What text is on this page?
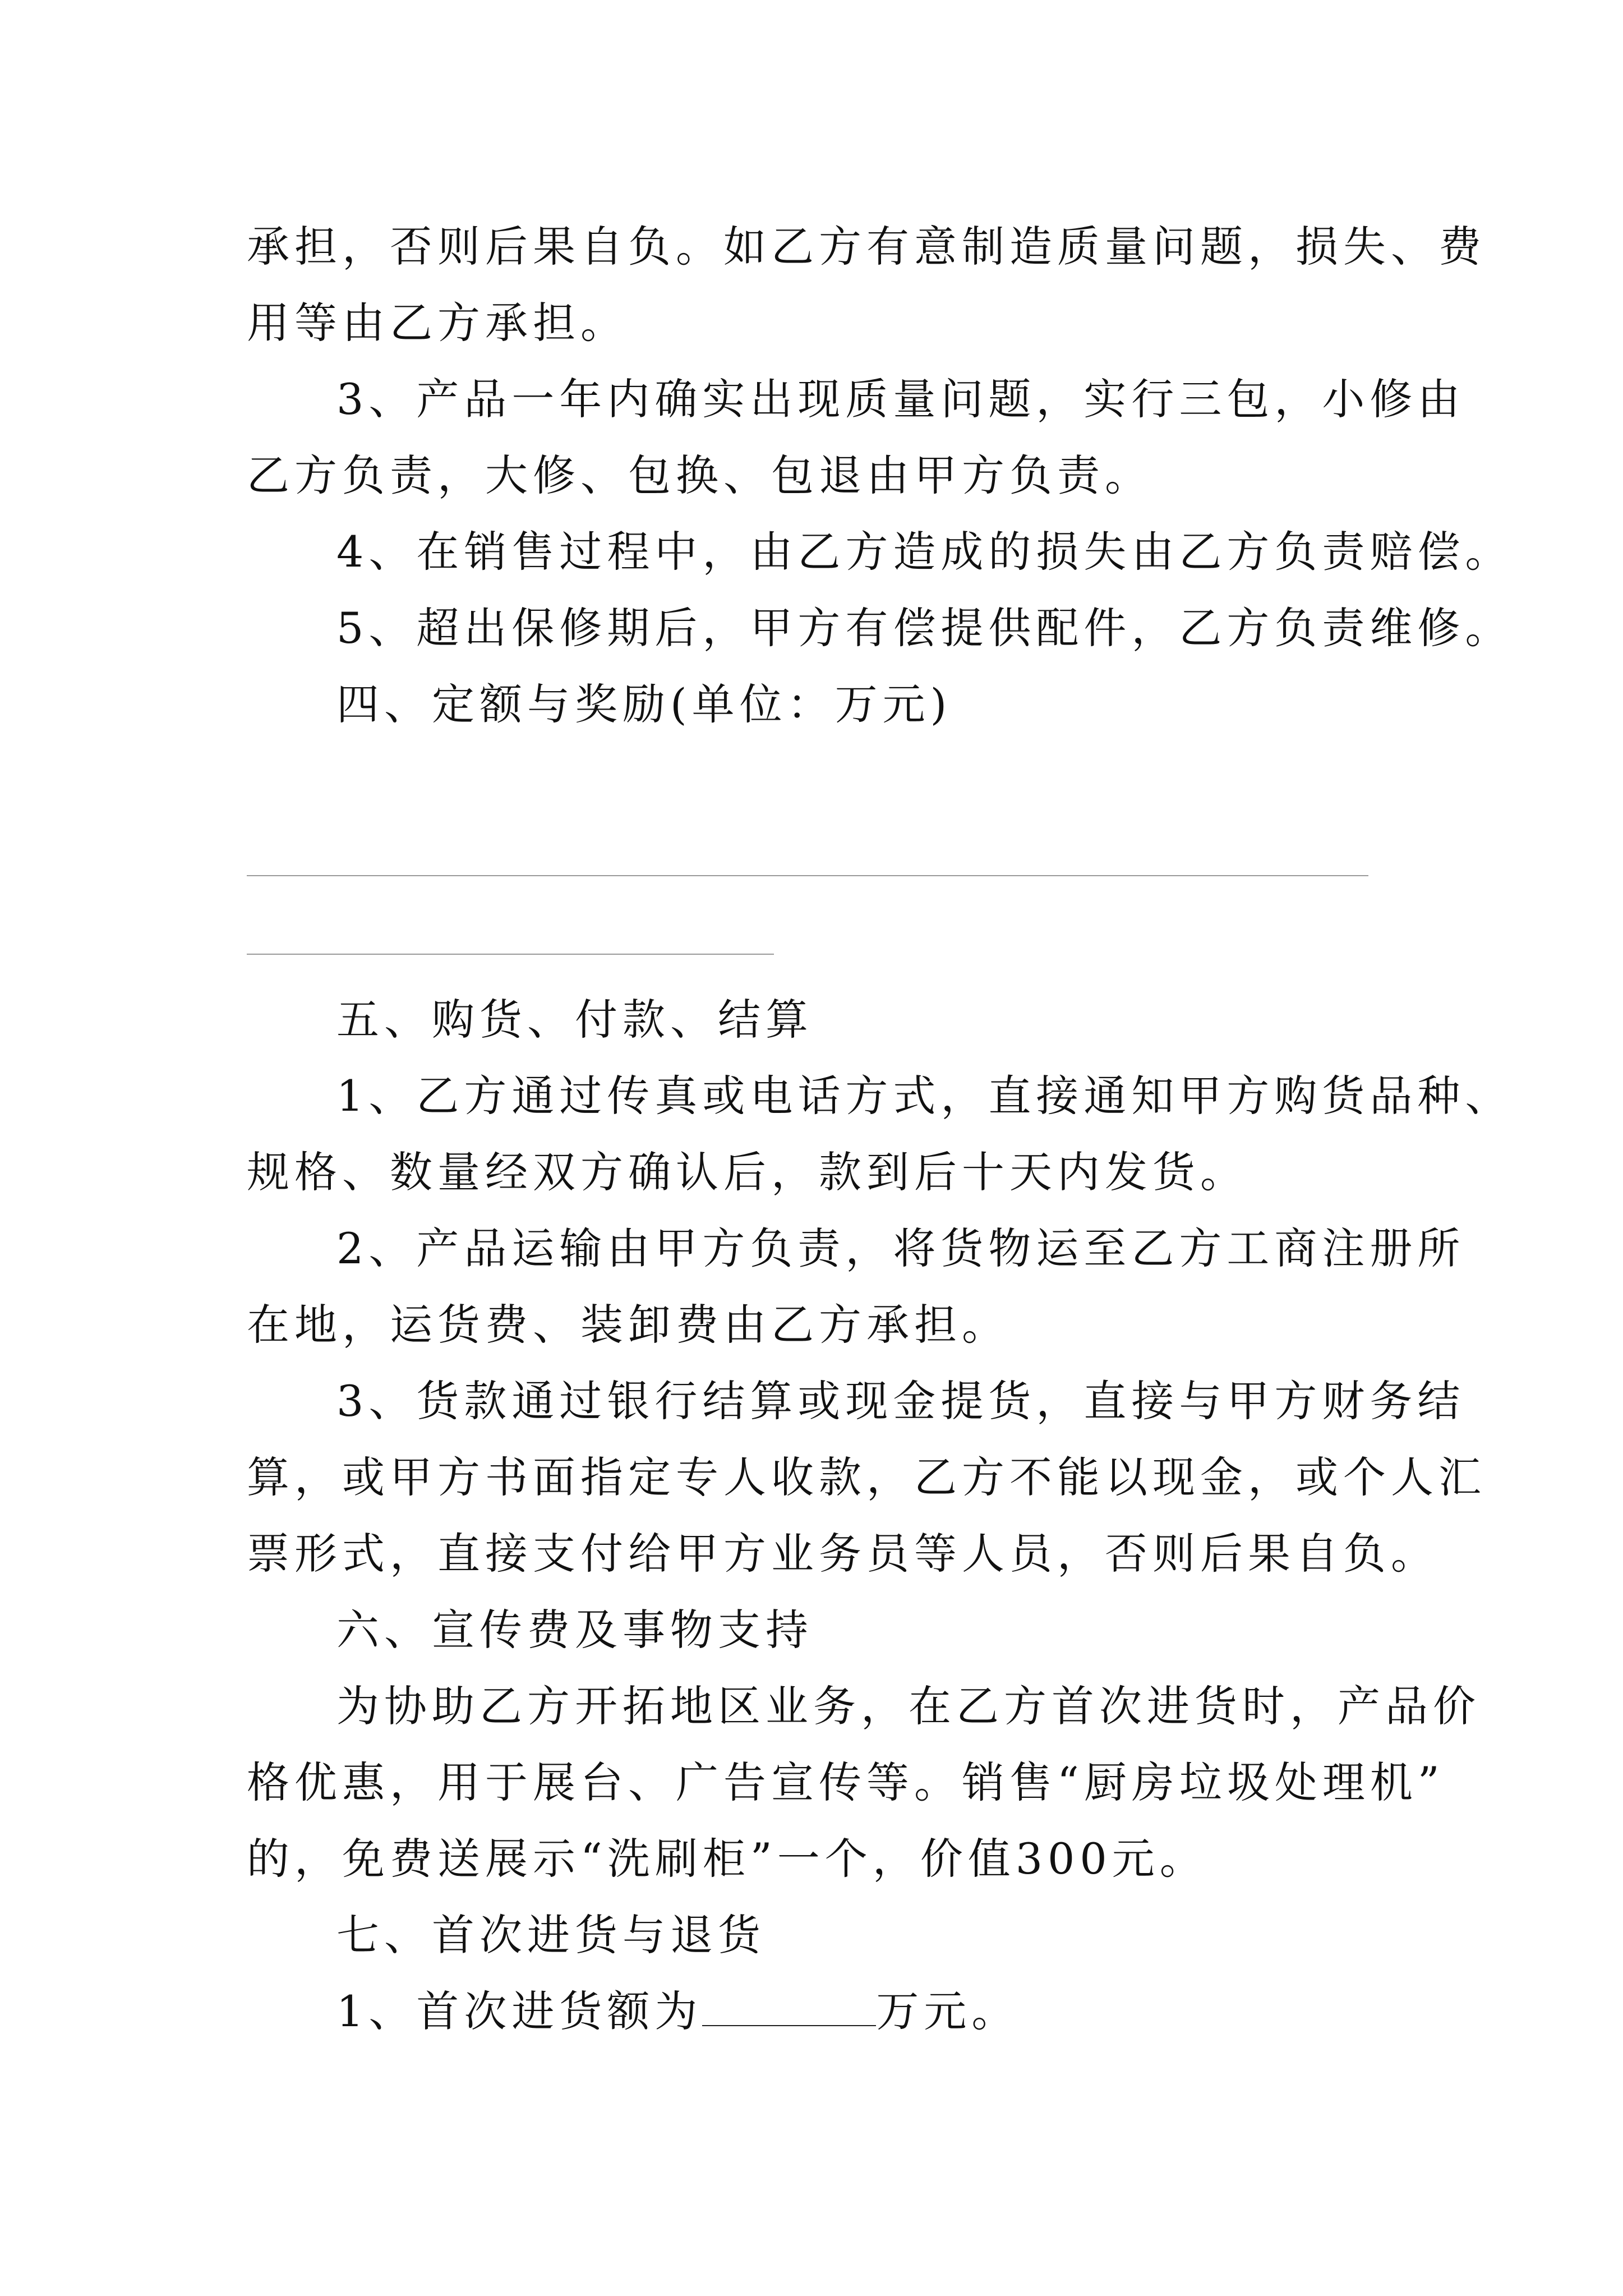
承担，否则后果自负。如乙方有意制造质量问题，损失、费
用等由乙方承担。
3、产品一年内确实出现质量问题，实行三包，小修由
乙方负责，大修、包换、包退由甲方负责。
4、在销售过程中，由乙方造成的损失由乙方负责赔偿。
5、超出保修期后，甲方有偿提供配件，乙方负责维修。
四、定额与奖励(单位：万元)
五、购货、付款、结算
1、乙方通过传真或电话方式，直接通知甲方购货品种、
规格、数量经双方确认后，款到后十天内发货。
2、产品运输由甲方负责，将货物运至乙方工商注册所
在地，运货费、装卸费由乙方承担。
3、货款通过银行结算或现金提货，直接与甲方财务结
算，或甲方书面指定专人收款，乙方不能以现金，或个人汇
票形式，直接支付给甲方业务员等人员，否则后果自负。
六、宣传费及事物支持
为协助乙方开拓地区业务，在乙方首次进货时，产品价
格优惠，用于展台、广告宣传等。销售“厨房垃圾处理机”
的，免费送展示“洗刷柜”一个，价值300元。
七、首次进货与退货
1、首次进货额为	万元。
